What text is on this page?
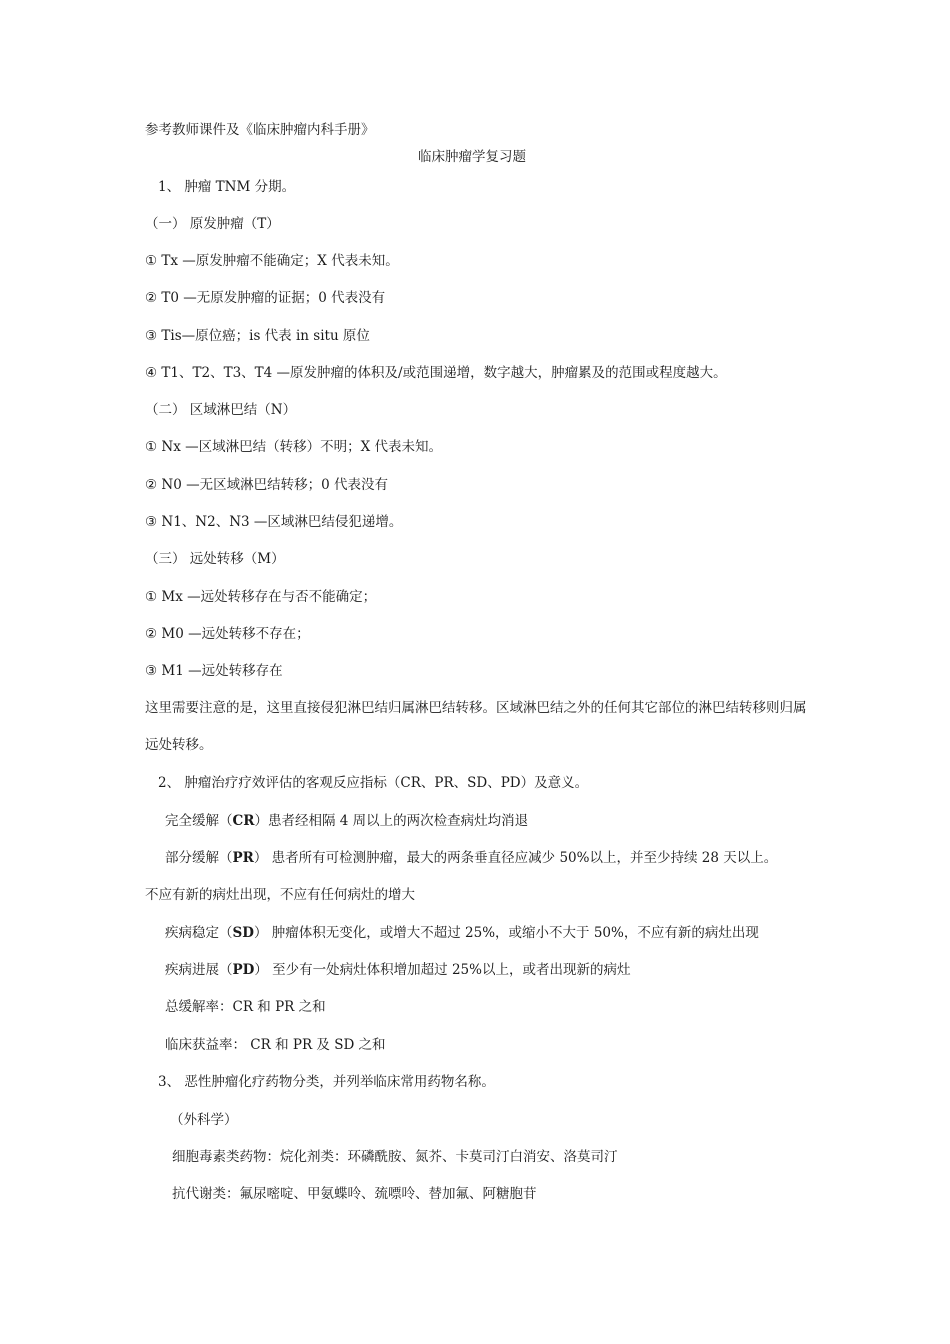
参考教师课件及《临床肿瘤内科手册》
临床肿瘤学复习题
1、 肿瘤 TNM 分期。
（一） 原发肿瘤（T）
① Tx —原发肿瘤不能确定；X 代表未知。
② T0 —无原发肿瘤的证据；0 代表没有
③ Tis—原位癌；is 代表 in situ 原位
④ T1、T2、T3、T4 —原发肿瘤的体积及/或范围递增，数字越大，肿瘤累及的范围或程度越大。
（二） 区域淋巴结（N）
① Nx —区域淋巴结（转移）不明；X 代表未知。
② N0 —无区域淋巴结转移；0 代表没有
③ N1、N2、N3 —区域淋巴结侵犯递增。
（三） 远处转移（M）
① Mx —远处转移存在与否不能确定；
② M0 —远处转移不存在；
③ M1 —远处转移存在
这里需要注意的是，这里直接侵犯淋巴结归属淋巴结转移。区域淋巴结之外的任何其它部位的淋巴结转移则归属远处转移。
2、 肿瘤治疗疗效评估的客观反应指标（CR、PR、SD、PD）及意义。
完全缓解（CR）患者经相隔 4 周以上的两次检查病灶均消退
部分缓解（PR） 患者所有可检测肿瘤，最大的两条垂直径应减少 50%以上，并至少持续 28 天以上。
不应有新的病灶出现，不应有任何病灶的增大
疾病稳定（SD） 肿瘤体积无变化，或增大不超过 25%，或缩小不大于 50%，不应有新的病灶出现
疾病进展（PD） 至少有一处病灶体积增加超过 25%以上，或者出现新的病灶
总缓解率：CR 和 PR 之和
临床获益率： CR 和 PR 及 SD 之和
3、 恶性肿瘤化疗药物分类，并列举临床常用药物名称。
（外科学）
细胞毒素类药物：烷化剂类：环磷酰胺、氮芥、卡莫司汀白消安、洛莫司汀
抗代谢类：氟尿嘧啶、甲氨蝶呤、巯嘌呤、替加氟、阿糖胞苷
